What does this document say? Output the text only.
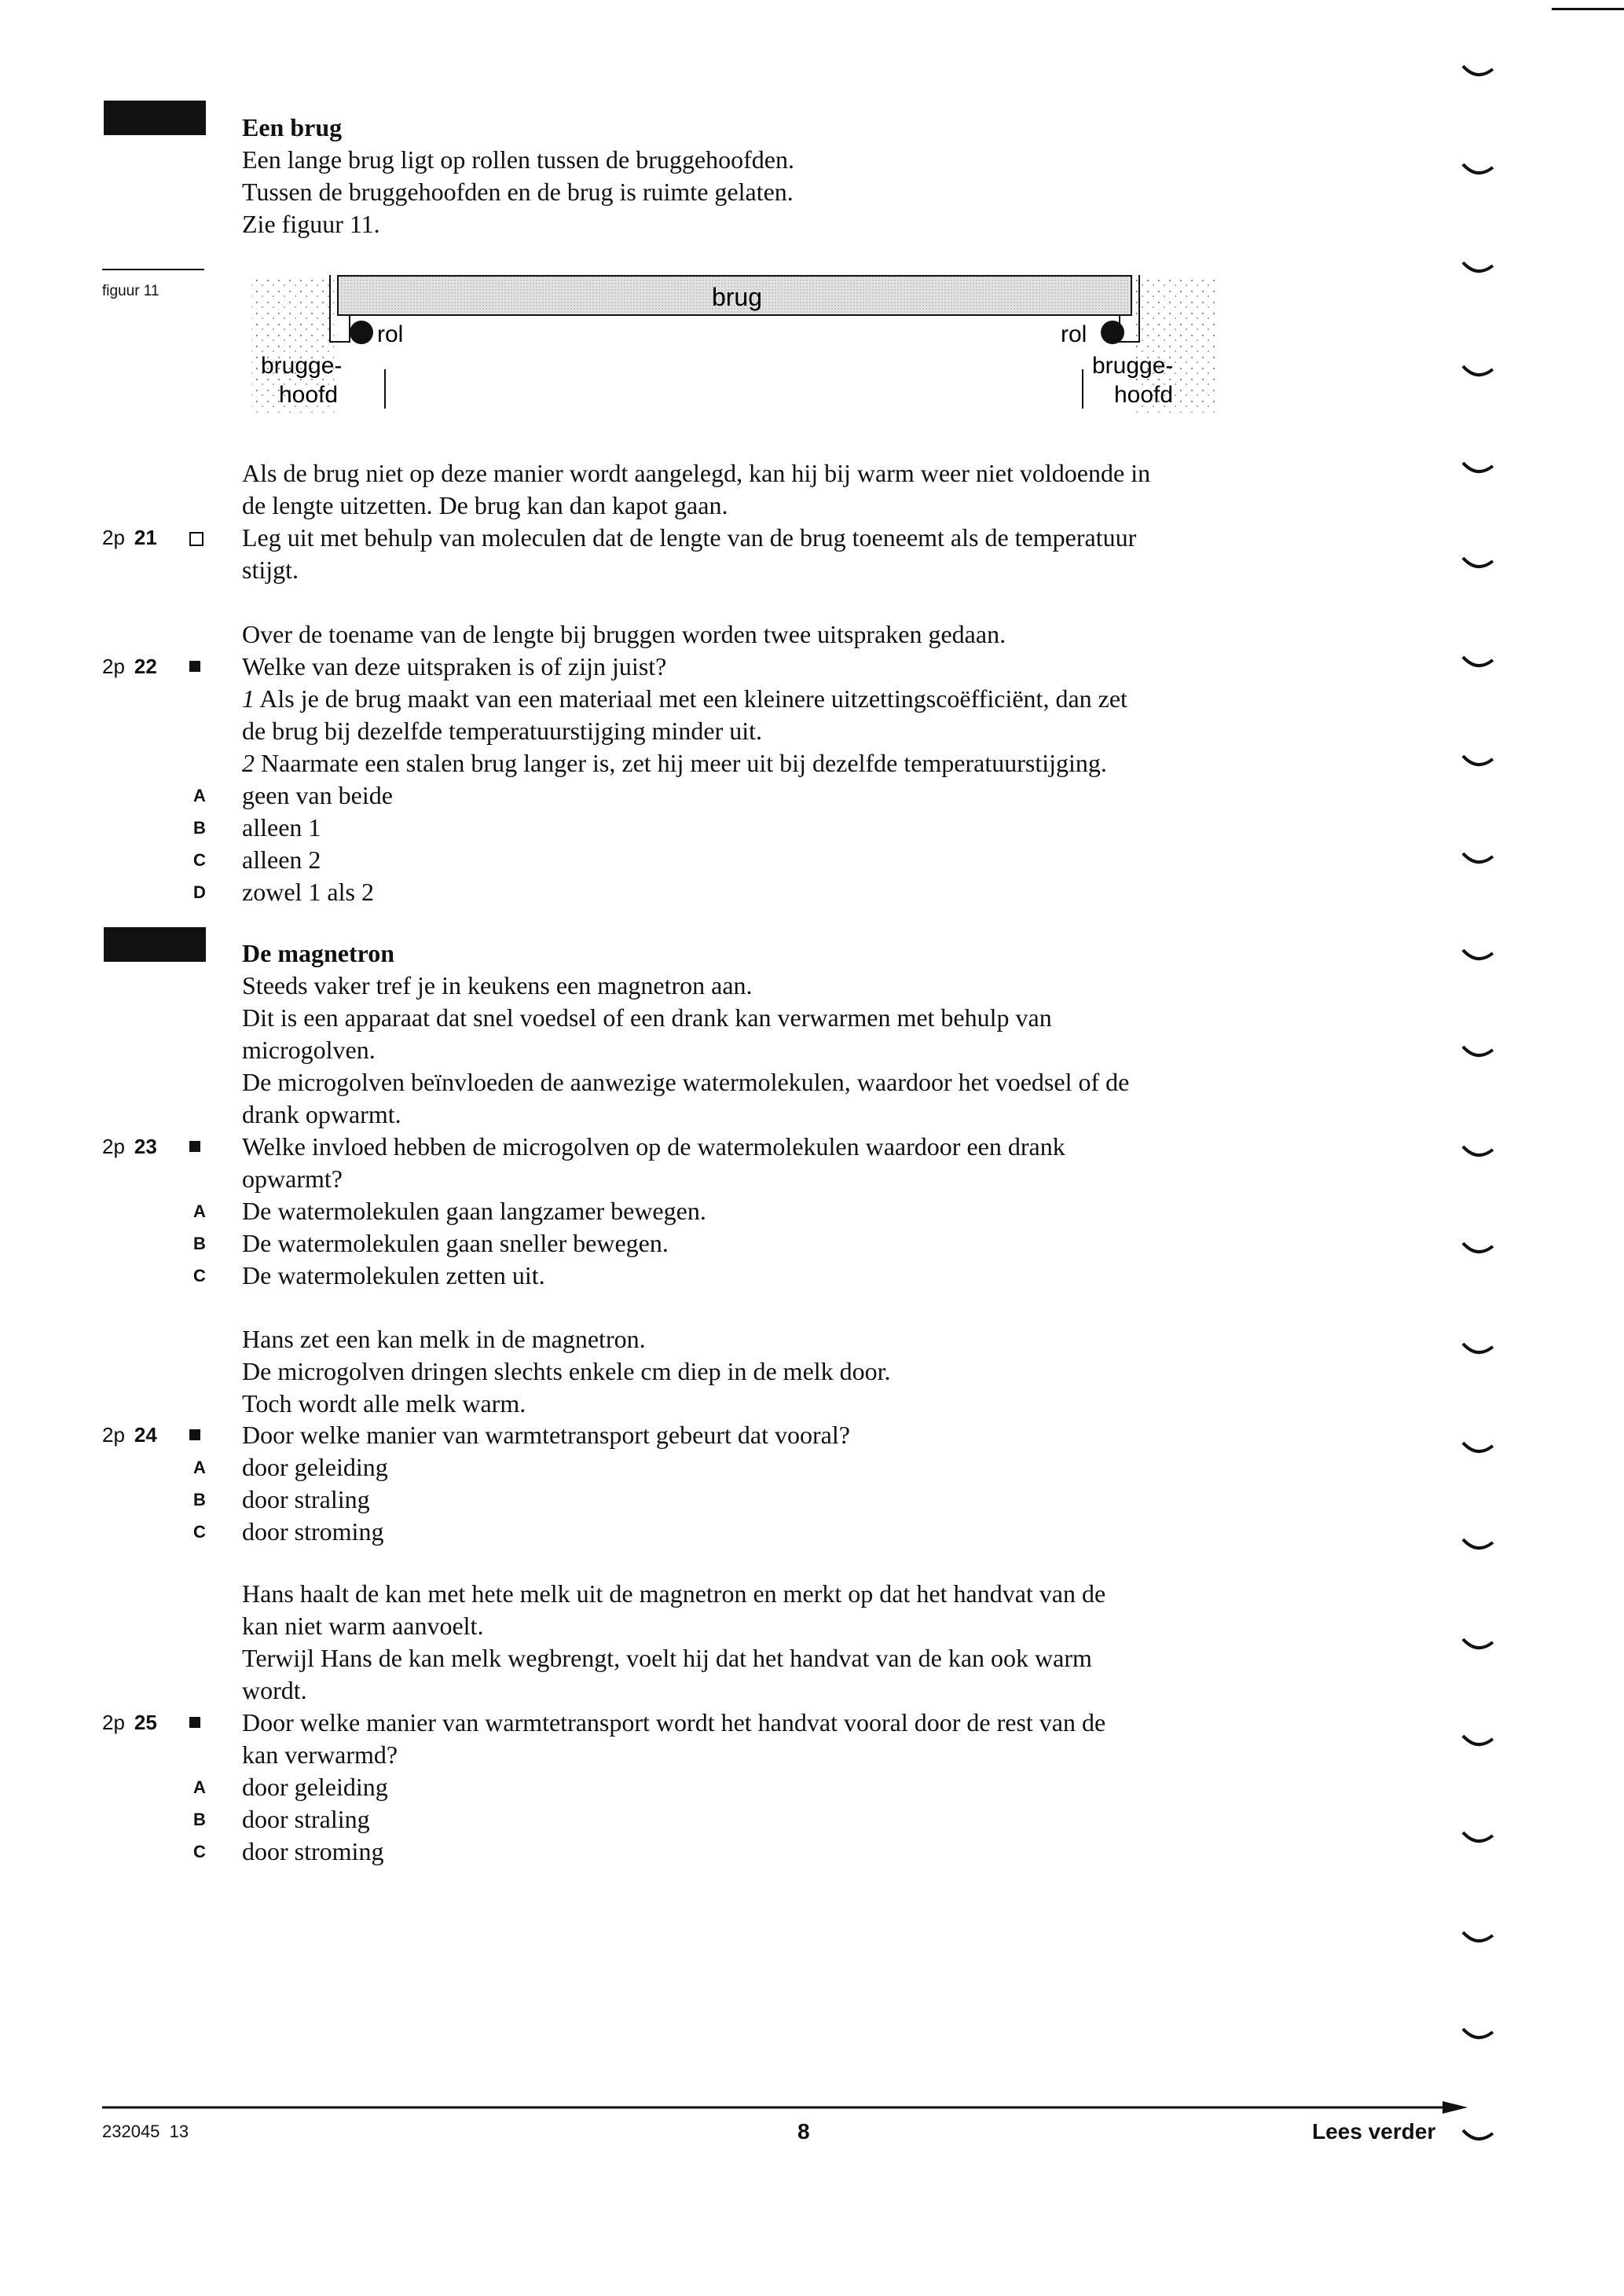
Een brug
Een lange brug ligt op rollen tussen de bruggehoofden.
Tussen de bruggehoofden en de brug is ruimte gelaten.
Zie figuur 11.
figuur 11	brug
rol	rol
brugge-
hoofd
brugge-
hoofd
Als de brug niet op deze manier wordt aangelegd, kan hij bij warm weer niet voldoende in
de lengte uitzetten. De brug kan dan kapot gaan.
2p 21	Leg uit met behulp van moleculen dat de lengte van de brug toeneemt als de temperatuur
stijgt.
Over de toename van de lengte bij bruggen worden twee uitspraken gedaan.
2p 22	Welke van deze uitspraken is of zijn juist?
1 Als je de brug maakt van een materiaal met een kleinere uitzettingscoëfficiënt, dan zet
de brug bij dezelfde temperatuurstijging minder uit.
2 Naarmate een stalen brug langer is, zet hij meer uit bij dezelfde temperatuurstijging.
A geen van beide
B alleen 1
C alleen 2
D zowel 1 als 2
De magnetron
Steeds vaker tref je in keukens een magnetron aan.
Dit is een apparaat dat snel voedsel of een drank kan verwarmen met behulp van
microgolven.
De microgolven beïnvloeden de aanwezige watermolekulen, waardoor het voedsel of de
drank opwarmt.
2p 23	Welke invloed hebben de microgolven op de watermolekulen waardoor een drank
opwarmt?
A De watermolekulen gaan langzamer bewegen.
B De watermolekulen gaan sneller bewegen.
C De watermolekulen zetten uit.
Hans zet een kan melk in de magnetron.
De microgolven dringen slechts enkele cm diep in de melk door.
Toch wordt alle melk warm.
2p 24	Door welke manier van warmtetransport gebeurt dat vooral?
A door geleiding
B door straling
C door stroming
Hans haalt de kan met hete melk uit de magnetron en merkt op dat het handvat van de
kan niet warm aanvoelt.
Terwijl Hans de kan melk wegbrengt, voelt hij dat het handvat van de kan ook warm
wordt.
2p 25	Door welke manier van warmtetransport wordt het handvat vooral door de rest van de
kan verwarmd?
A door geleiding
B door straling
C door stroming
232045  13	8	Lees verder
